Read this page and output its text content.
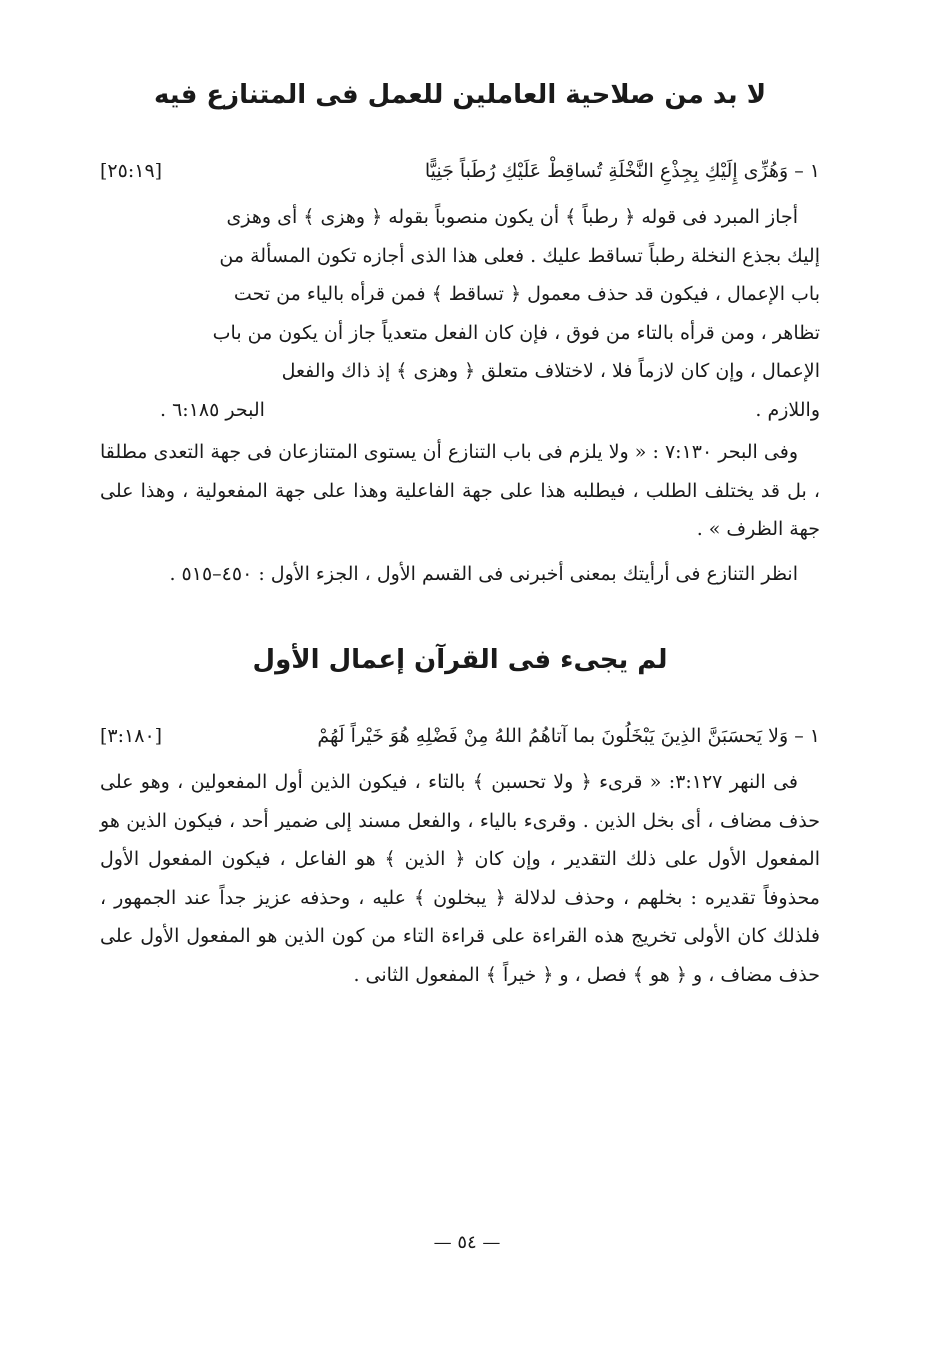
لا بد من صلاحية العاملين للعمل فى المتنازع فيه
١ – وَهُزِّى إِلَيْكِ بِجِذْعِ النَّخْلَةِ تُساقِطْ عَلَيْكِ رُطَباً جَنِيًّا
[٢٥:١٩]
أجاز المبرد فى قوله ﴿ رطباً ﴾ أن يكون منصوباً بقوله ﴿ وهزى ﴾ أى وهزى
إليك بجذع النخلة رطباً تساقط عليك . فعلى هذا الذى أجازه تكون المسألة من
باب الإعمال ، فيكون قد حذف معمول ﴿ تساقط ﴾ فمن قرأه بالياء من تحت
تظاهر ، ومن قرأه بالتاء من فوق ، فإن كان الفعل متعدياً جاز أن يكون من باب
الإعمال ، وإن كان لازماً فلا ، لاختلاف متعلق ﴿ وهزى ﴾ إذ ذاك والفعل
واللازم .
البحر ٦:١٨٥ .

وفى البحر ٧:١٣٠ : « ولا يلزم فى باب التنازع أن يستوى المتنازعان فى جهة التعدى مطلقا ، بل قد يختلف الطلب ، فيطلبه هذا على جهة الفاعلية وهذا على جهة المفعولية ، وهذا على جهة الظرف » .

انظر التنازع فى أرأيتك بمعنى أخبرنى فى القسم الأول ، الجزء الأول : ٤٥٠–٥١٥ .

لم يجىء فى القرآن إعمال الأول
١ – وَلا يَحسَبَنَّ الذِينَ يَبْخَلُونَ بما آتاهُمُ اللهُ مِنْ فَضْلِهِ هُوَ خَيْراً لَهُمْ
[٣:١٨٠]

فى النهر ٣:١٢٧: « قرىء ﴿ ولا تحسبن ﴾ بالتاء ، فيكون الذين أول المفعولين ، وهو على حذف مضاف ، أى بخل الذين . وقرىء بالياء ، والفعل مسند إلى ضمير أحد ، فيكون الذين هو المفعول الأول على ذلك التقدير ، وإن كان ﴿ الذين ﴾ هو الفاعل ، فيكون المفعول الأول محذوفاً تقديره : بخلهم ، وحذف لدلالة ﴿ يبخلون ﴾ عليه ، وحذفه عزيز جداً عند الجمهور ، فلذلك كان الأولى تخريج هذه القراءة على قراءة التاء من كون الذين هو المفعول الأول على حذف مضاف ، و ﴿ هو ﴾ فصل ، و ﴿ خيراً ﴾ المفعول الثانى .

— ٥٤ —
